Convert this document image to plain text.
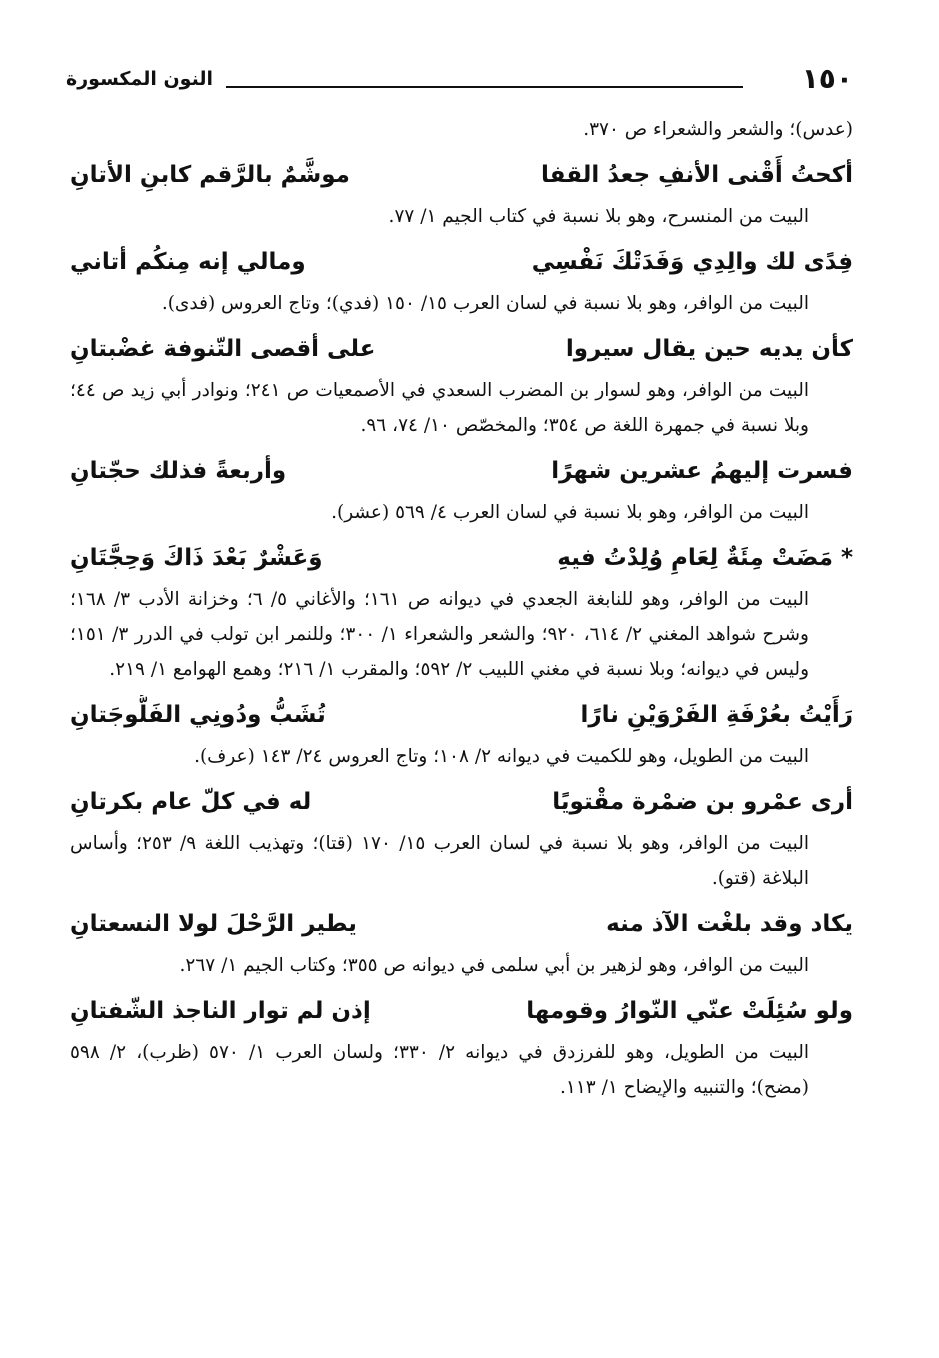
١٥٠
النون المكسورة

(عدس)؛ والشعر والشعراء ص ٣٧٠.

أكحتُ أَقْنى الأنفِ جعدُ القفا
موشَّمٌ بالرَّقم كابنِ الأتانِ

البيت من المنسرح، وهو بلا نسبة في كتاب الجيم ١/ ٧٧.

فِدًى لك والِدِي وَفَدَتْكَ نَفْسِي
ومالي إنه مِنكُم أتاني

البيت من الوافر، وهو بلا نسبة في لسان العرب ١٥/ ١٥٠ (فدي)؛ وتاج العروس (فدى).

كأن يديه حين يقال سيروا
على أقصى التّنوفة غضْبتانِ

البيت من الوافر، وهو لسوار بن المضرب السعدي في الأصمعيات ص ٢٤١؛ ونوادر أبي زيد ص ٤٤؛ وبلا نسبة في جمهرة اللغة ص ٣٥٤؛ والمخصّص ١٠/ ٧٤، ٩٦.

فسرت إليهمُ عشرين شهرًا
وأربعةً فذلك حجّتانِ

البيت من الوافر، وهو بلا نسبة في لسان العرب ٤/ ٥٦٩ (عشر).

* مَضَتْ مِئَةٌ لِعَامِ وُلِدْتُ فيهِ
وَعَشْرٌ بَعْدَ ذَاكَ وَحِجَّتَانِ

البيت من الوافر، وهو للنابغة الجعدي في ديوانه ص ١٦١؛ والأغاني ٥/ ٦؛ وخزانة الأدب ٣/ ١٦٨؛ وشرح شواهد المغني ٢/ ٦١٤، ٩٢٠؛ والشعر والشعراء ١/ ٣٠٠؛ وللنمر ابن تولب في الدرر ٣/ ١٥١؛ وليس في ديوانه؛ وبلا نسبة في مغني اللبيب ٢/ ٥٩٢؛ والمقرب ١/ ٢١٦؛ وهمع الهوامع ١/ ٢١٩.

رَأَيْتُ بعُرْفَةِ الفَرْوَيْنِ نارًا
تُشَبُّ ودُونِي الفَلُّوجَتانِ

البيت من الطويل، وهو للكميت في ديوانه ٢/ ١٠٨؛ وتاج العروس ٢٤/ ١٤٣ (عرف).

أرى عمْرو بن ضمْرة مقْتويًا
له في كلّ عام بكرتانِ

البيت من الوافر، وهو بلا نسبة في لسان العرب ١٥/ ١٧٠ (قتا)؛ وتهذيب اللغة ٩/ ٢٥٣؛ وأساس البلاغة (قتو).

يكاد وقد بلغْت الآذ منه
يطير الرَّحْلَ لولا النسعتانِ

البيت من الوافر، وهو لزهير بن أبي سلمى في ديوانه ص ٣٥٥؛ وكتاب الجيم ١/ ٢٦٧.

ولو سُئِلَتْ عنّي النّوارُ وقومها
إذن لم توار الناجذ الشّفتانِ

البيت من الطويل، وهو للفرزدق في ديوانه ٢/ ٣٣٠؛ ولسان العرب ١/ ٥٧٠ (ظرب)، ٢/ ٥٩٨ (مضح)؛ والتنبيه والإيضاح ١/ ١١٣.
